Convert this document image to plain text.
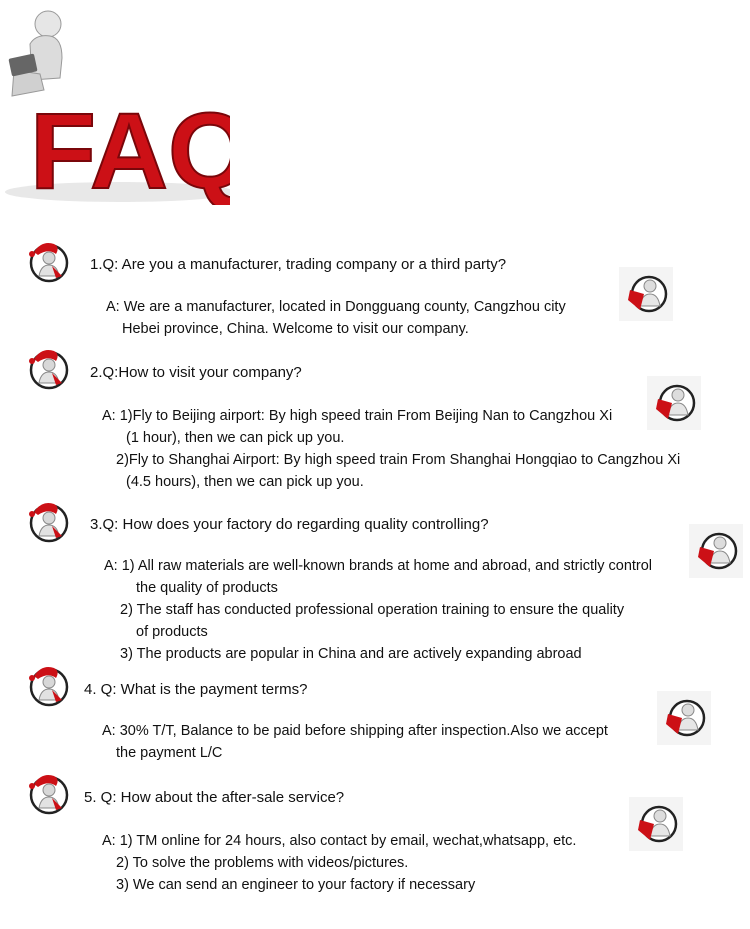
FAQ
1.Q: Are you a manufacturer, trading company or a third party?
A: We are a manufacturer, located in Dongguang county, Cangzhou city
Hebei province, China. Welcome to visit our company.
2.Q:How to visit your company?
A: 1)Fly to Beijing airport: By high speed train From Beijing Nan to Cangzhou Xi
(1 hour), then we can pick up you.
2)Fly to Shanghai Airport: By high speed train From Shanghai Hongqiao to Cangzhou Xi
(4.5 hours), then we can pick up you.
3.Q: How does your factory do regarding quality controlling?
A: 1) All raw materials are well-known brands at home and abroad, and strictly control
the quality of products
2) The staff has conducted professional operation training to ensure the quality
of products
3) The products are popular in China and are actively expanding abroad
4. Q: What is the payment terms?
A: 30% T/T, Balance to be paid before shipping after inspection.Also we accept
the payment L/C
5. Q: How about the after-sale service?
A: 1) TM online for 24 hours, also contact by email, wechat,whatsapp, etc.
2) To solve the problems with videos/pictures.
3) We can send an engineer to your factory if necessary
